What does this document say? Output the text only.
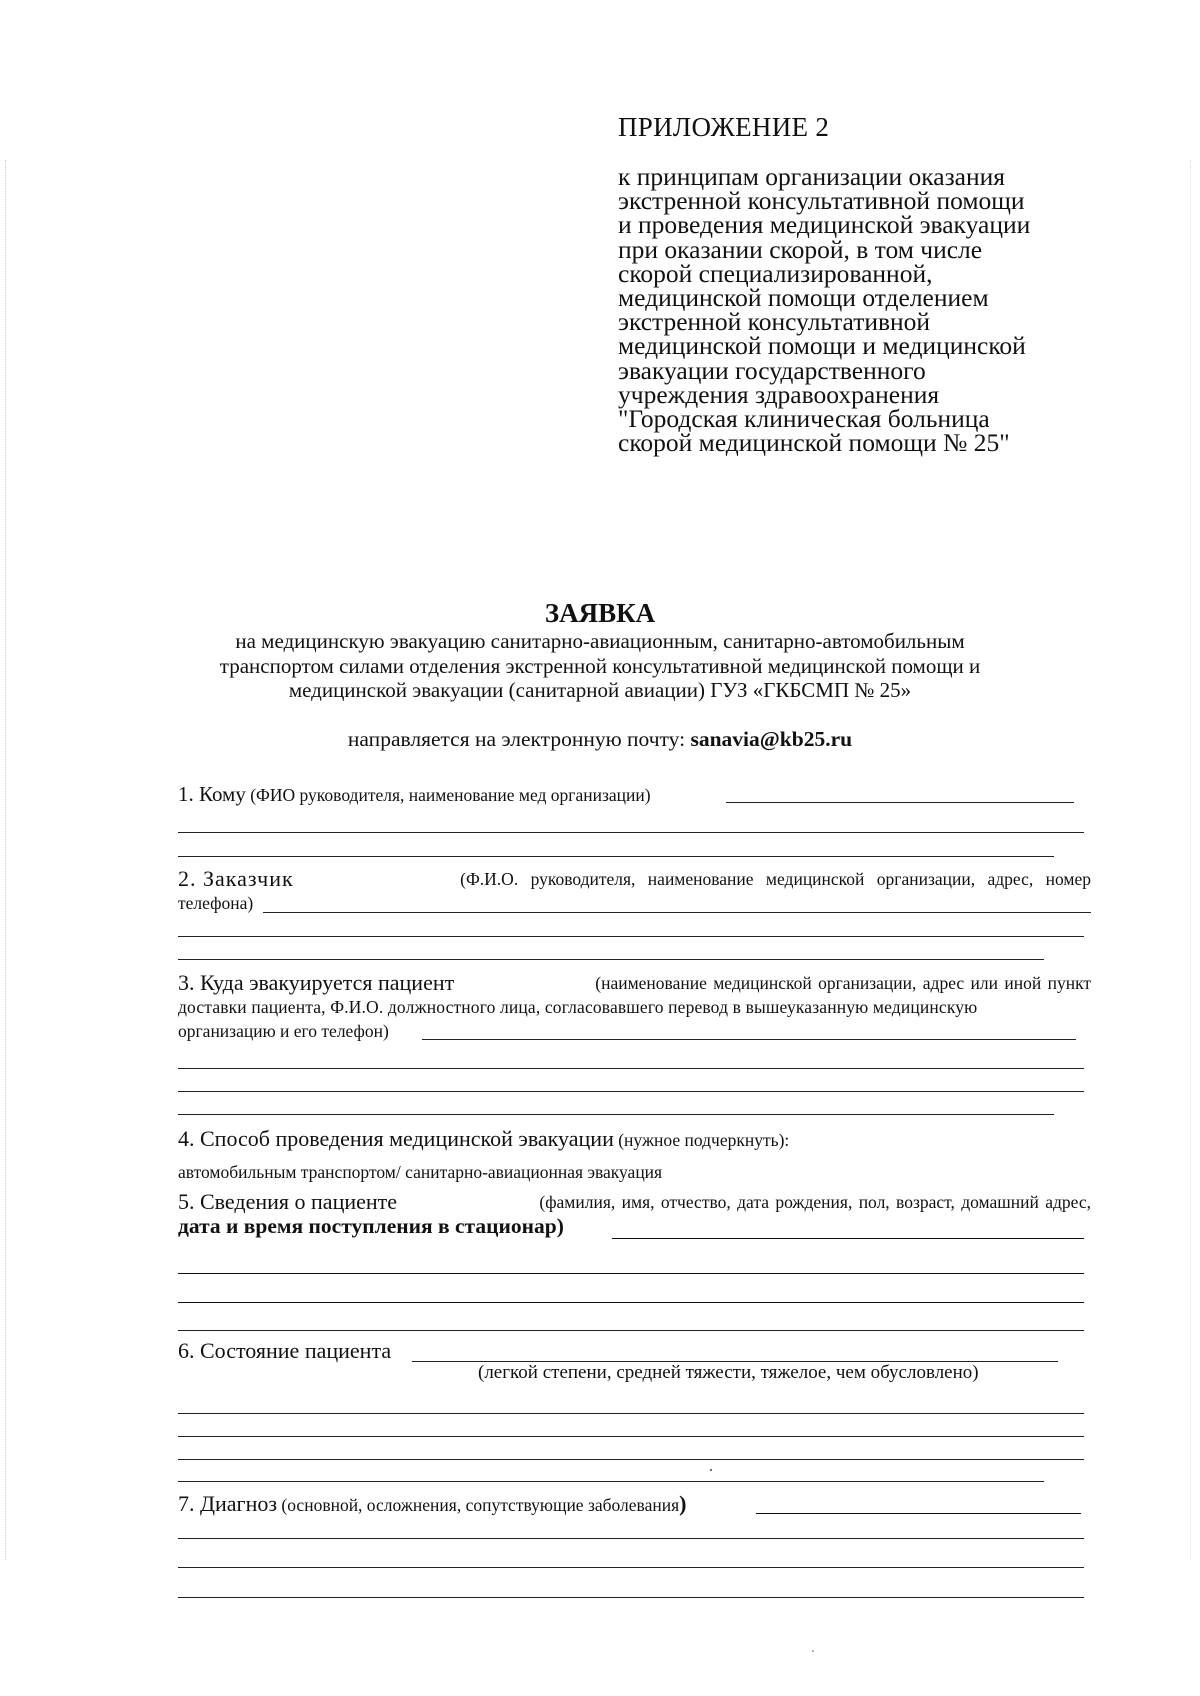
ПРИЛОЖЕНИЕ 2
к принципам организации оказания
экстренной консультативной помощи
и проведения медицинской эвакуации
при оказании скорой, в том числе
скорой специализированной,
медицинской помощи отделением
экстренной консультативной
медицинской помощи и медицинской
эвакуации государственного
учреждения здравоохранения
"Городская клиническая больница
скорой медицинской помощи № 25"
ЗАЯВКА
на медицинскую эвакуацию санитарно-авиационным, санитарно-автомобильным
транспортом силами отделения экстренной консультативной медицинской помощи и
медицинской эвакуации (санитарной авиации) ГУЗ «ГКБСМП № 25»
направляется на электронную почту: sanavia@kb25.ru
1. Кому (ФИО руководителя, наименование мед организации)
2. Заказчик	(Ф.И.О. руководителя, наименование медицинской организации, адрес, номер
телефона)
3. Куда эвакуируется пациент	(наименование медицинской организации, адрес или иной пункт
доставки пациента, Ф.И.О. должностного лица, согласовавшего перевод в вышеуказанную медицинскую
организацию и его телефон)
4. Способ проведения медицинской эвакуации (нужное подчеркнуть):
автомобильным транспортом/ санитарно-авиационная эвакуация
5. Сведения о пациенте	(фамилия, имя, отчество, дата рождения, пол, возраст, домашний адрес,
дата и время поступления в стационар)
6. Состояние пациента
(легкой степени, средней тяжести, тяжелое, чем обусловлено)
7. Диагноз (основной, осложнения, сопутствующие заболевания)
